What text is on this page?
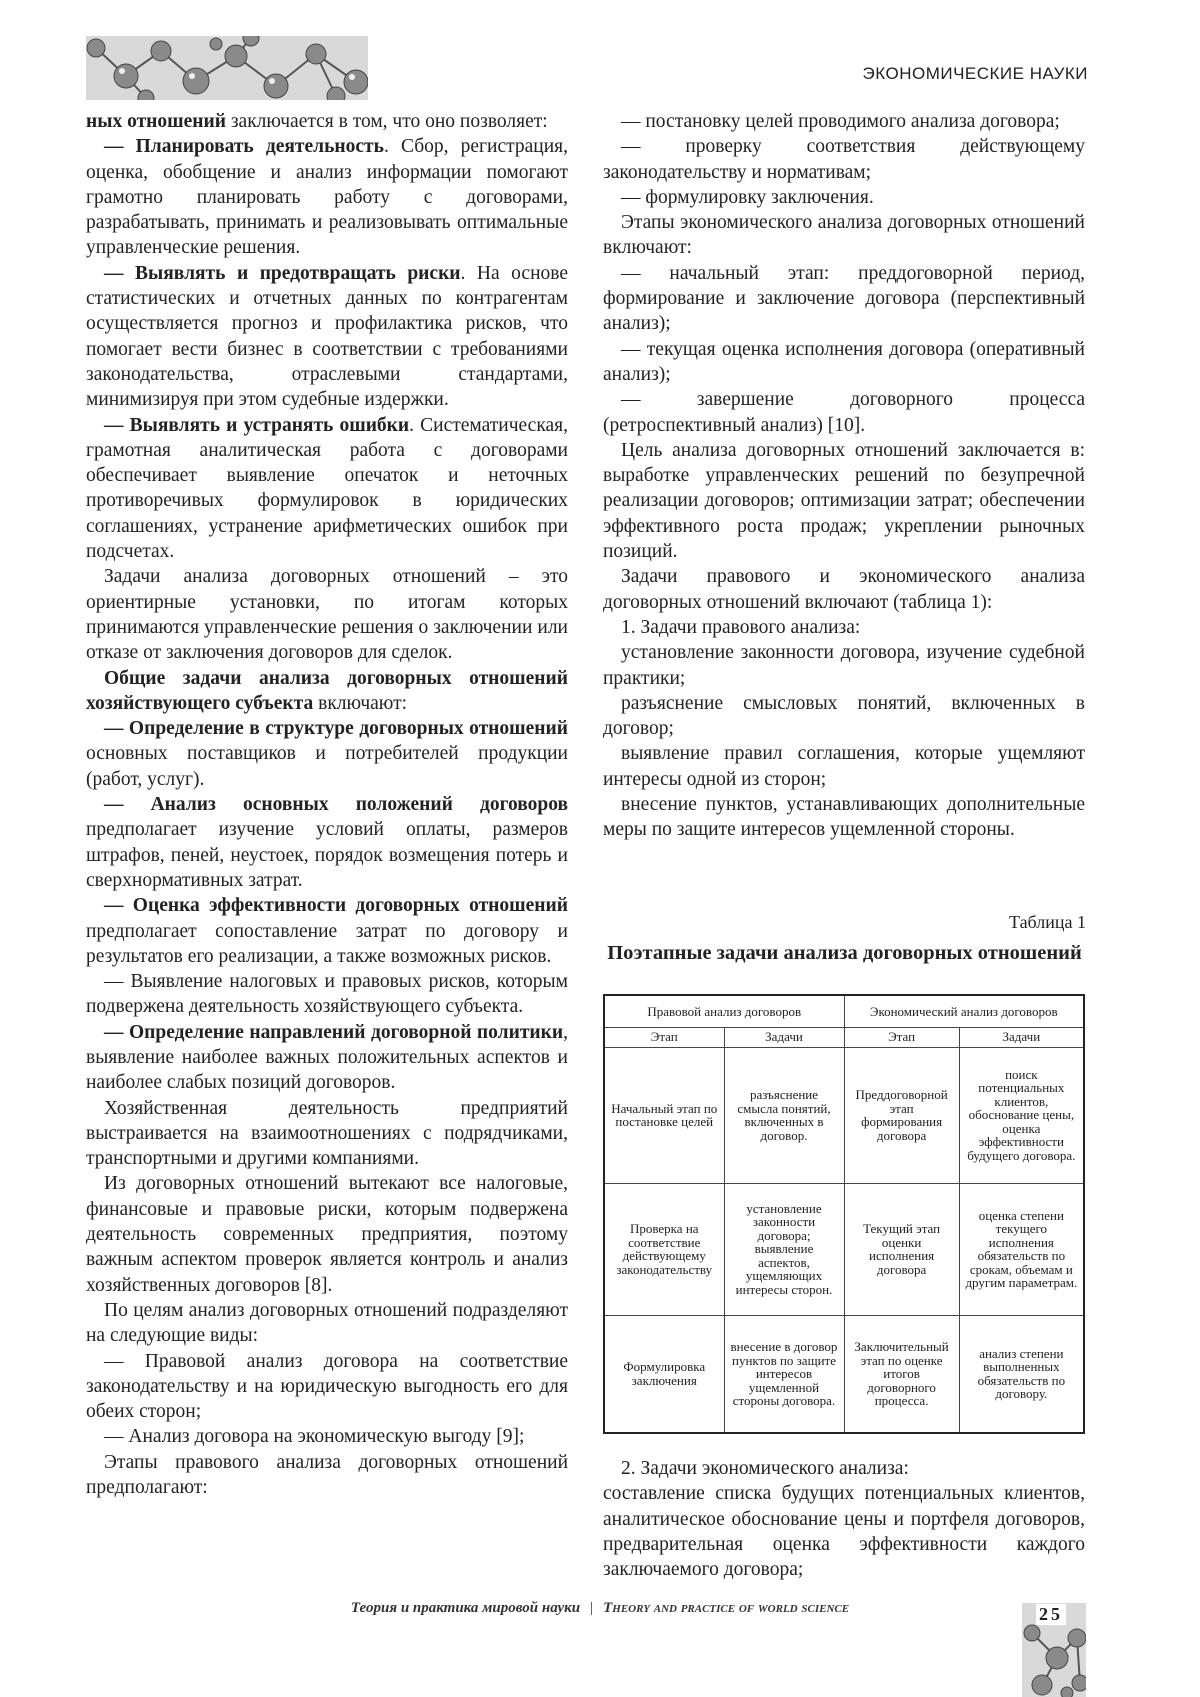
ЭКОНОМИЧЕСКИЕ НАУКИ

ных отношений заключается в том, что оно позволяет:

— Планировать деятельность. Сбор, регистрация, оценка, обобщение и анализ информации помогают грамотно планировать работу с договорами, разрабатывать, принимать и реализовывать оптимальные управленческие решения.

— Выявлять и предотвращать риски. На основе статистических и отчетных данных по контрагентам осуществляется прогноз и профилактика рисков, что помогает вести бизнес в соответствии с требованиями законодательства, отраслевыми стандартами, минимизируя при этом судебные издержки.

— Выявлять и устранять ошибки. Систематическая, грамотная аналитическая работа с договорами обеспечивает выявление опечаток и неточных противоречивых формулировок в юридических соглашениях, устранение арифметических ошибок при подсчетах.

Задачи анализа договорных отношений – это ориентирные установки, по итогам которых принимаются управленческие решения о заключении или отказе от заключения договоров для сделок.

Общие задачи анализа договорных отношений хозяйствующего субъекта включают:

— Определение в структуре договорных отношений основных поставщиков и потребителей продукции (работ, услуг).

— Анализ основных положений договоров предполагает изучение условий оплаты, размеров штрафов, пеней, неустоек, порядок возмещения потерь и сверхнормативных затрат.

— Оценка эффективности договорных отношений предполагает сопоставление затрат по договору и результатов его реализации, а также возможных рисков.

— Выявление налоговых и правовых рисков, которым подвержена деятельность хозяйствующего субъекта.

— Определение направлений договорной политики, выявление наиболее важных положительных аспектов и наиболее слабых позиций договоров.

Хозяйственная деятельность предприятий выстраивается на взаимоотношениях с подрядчиками, транспортными и другими компаниями.

Из договорных отношений вытекают все налоговые, финансовые и правовые риски, которым подвержена деятельность современных предприятия, поэтому важным аспектом проверок является контроль и анализ хозяйственных договоров [8].

По целям анализ договорных отношений подразделяют на следующие виды:

— Правовой анализ договора на соответствие законодательству и на юридическую выгодность его для обеих сторон;

— Анализ договора на экономическую выгоду [9];

Этапы правового анализа договорных отношений предполагают:

— постановку целей проводимого анализа договора;

— проверку соответствия действующему законодательству и нормативам;

— формулировку заключения.

Этапы экономического анализа договорных отношений включают:

— начальный этап: преддоговорной период, формирование и заключение договора (перспективный анализ);

— текущая оценка исполнения договора (оперативный анализ);

— завершение договорного процесса (ретроспективный анализ) [10].

Цель анализа договорных отношений заключается в: выработке управленческих решений по безупречной реализации договоров; оптимизации затрат; обеспечении эффективного роста продаж; укреплении рыночных позиций.

Задачи правового и экономического анализа договорных отношений включают (таблица 1):

1. Задачи правового анализа:

установление законности договора, изучение судебной практики;

разъяснение смысловых понятий, включенных в договор;

выявление правил соглашения, которые ущемляют интересы одной из сторон;

внесение пунктов, устанавливающих дополнительные меры по защите интересов ущемленной стороны.

Таблица 1
Поэтапные задачи анализа договорных отношений
Правовой анализ договоров	Экономический анализ договоров
Этап	Задачи	Этап	Задачи
Начальный этап по постановке целей	разъяснение смысла понятий, включенных в договор.	Преддоговорной этап формирования договора	поиск потенциальных клиентов, обоснование цены, оценка эффективности будущего договора.
Проверка на соответствие действующему законодательству	установление законности договора; выявление аспектов, ущемляющих интересы сторон.	Текущий этап оценки исполнения договора	оценка степени текущего исполнения обязательств по срокам, объемам и другим параметрам.
Формулировка заключения	внесение в договор пунктов по защите интересов ущемленной стороны договора.	Заключительный этап по оценке итогов договорного процесса.	анализ степени выполненных обязательств по договору.

2. Задачи экономического анализа:

составление списка будущих потенциальных клиентов, аналитическое обоснование цены и портфеля договоров, предварительная оценка эффективности каждого заключаемого договора;

Теория и практика мировой науки | Theory and practice of world science	25
